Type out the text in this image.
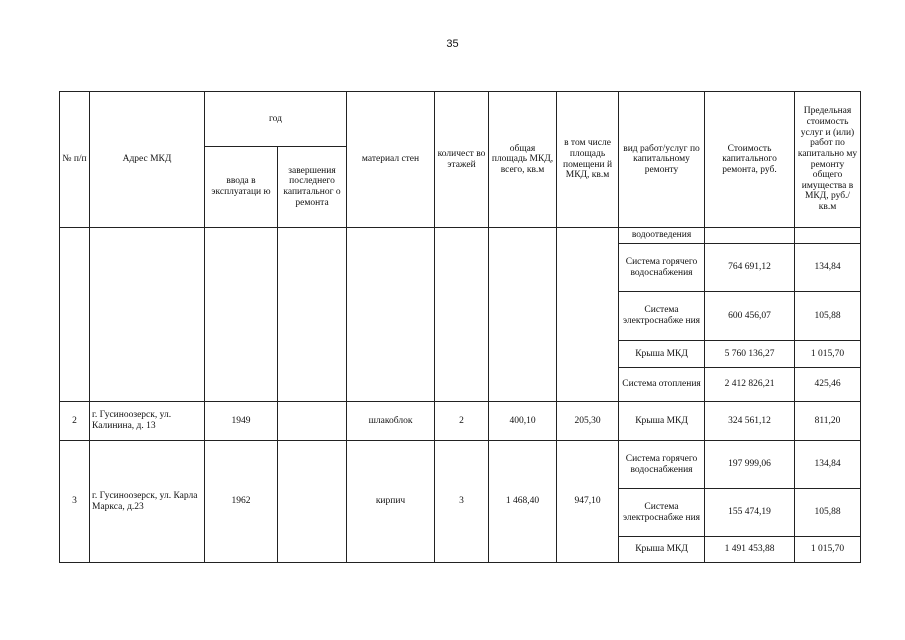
35
№ п/п	Адрес МКД	год		материал стен	количест во этажей	общая площадь МКД, всего, кв.м	в том числе площадь помещени й МКД, кв.м	вид работ/услуг по капитальному ремонту	Стоимость капитального ремонта, руб.	Предельная стоимость услуг и (или) работ по капитально му ремонту общего имущества в МКД, руб./кв.м
		ввода в эксплуатаци ю	завершения последнего капитальног о ремонта							
								водоотведения		
								Система горячего водоснабжения	764 691,12	134,84
								Система электроснабже ния	600 456,07	105,88
								Крыша МКД	5 760 136,27	1 015,70
								Система отопления	2 412 826,21	425,46
2	г. Гусиноозерск, ул. Калинина, д. 13	1949		шлакоблок	2	400,10	205,30	Крыша МКД	324 561,12	811,20
3	г. Гусиноозерск, ул. Карла Маркса, д.23	1962		кирпич	3	1 468,40	947,10	Система горячего водоснабжения	197 999,06	134,84
								Система электроснабже ния	155 474,19	105,88
								Крыша МКД	1 491 453,88	1 015,70
